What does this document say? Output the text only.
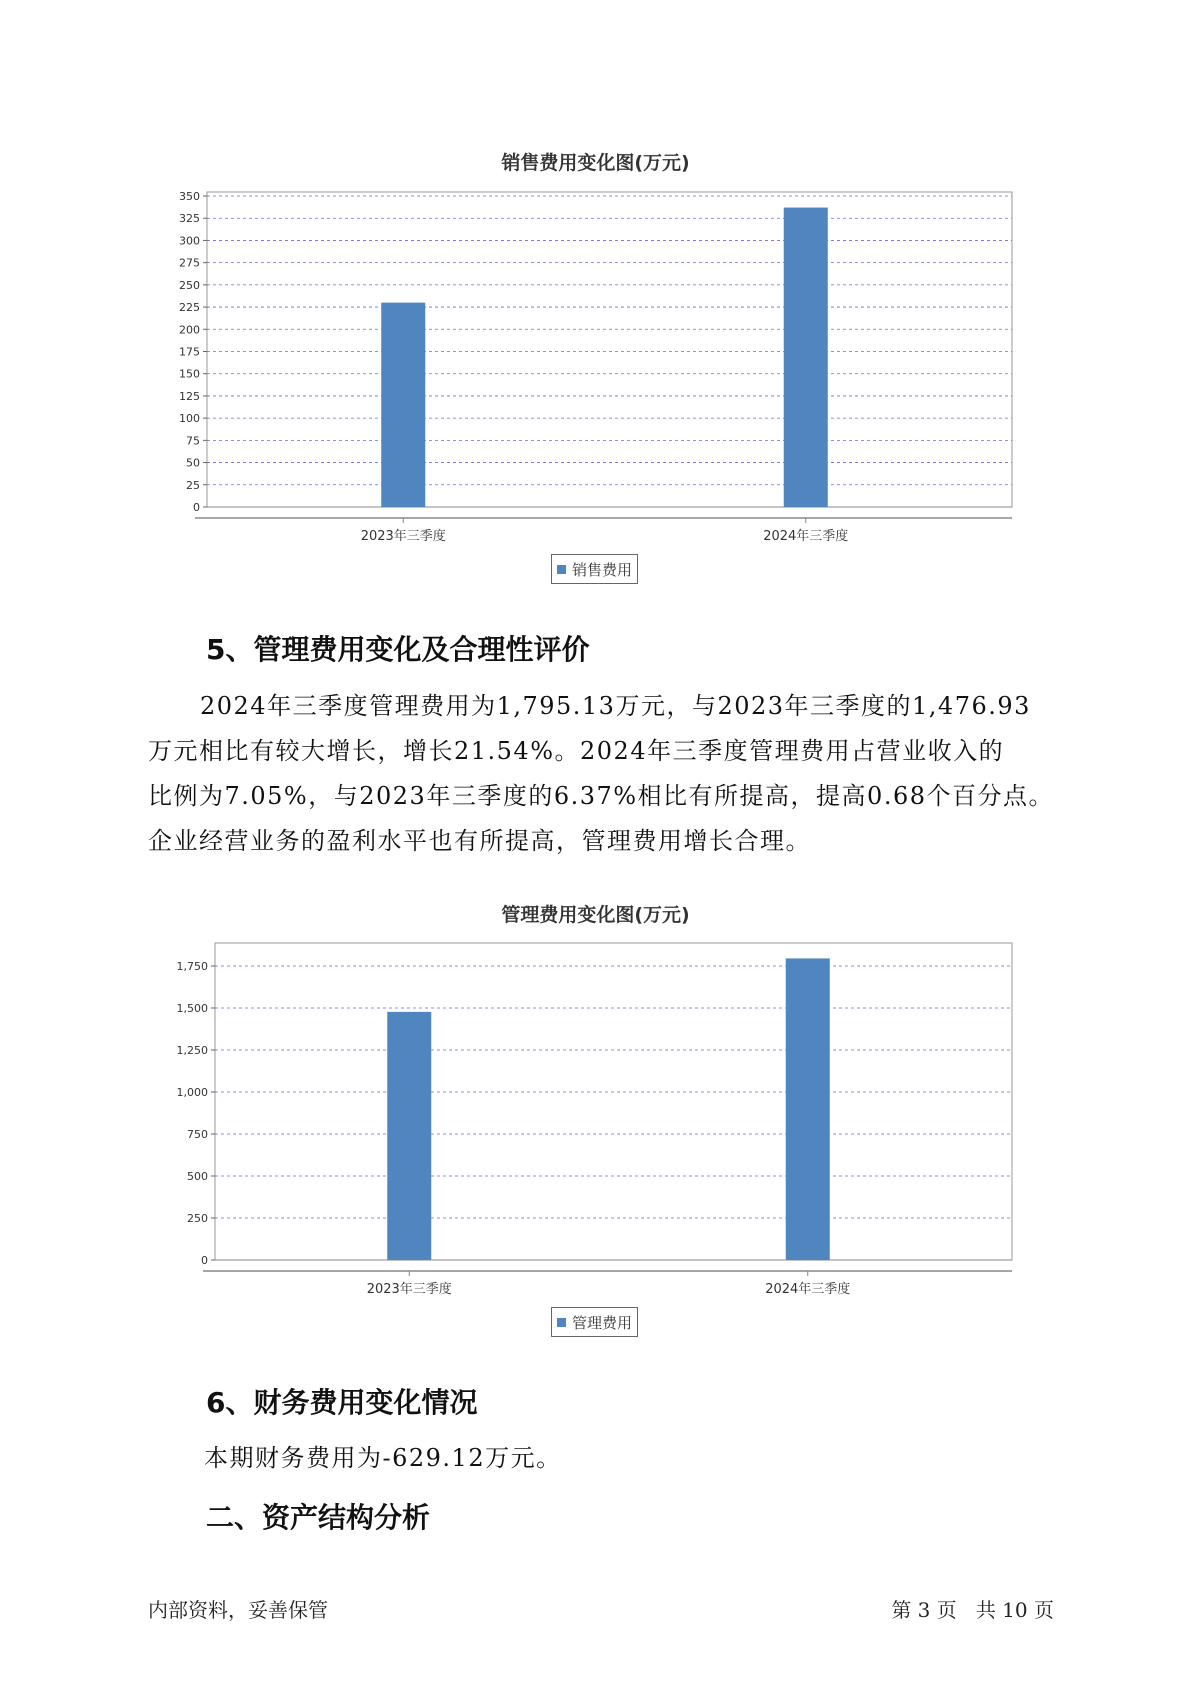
销售费用变化图(万元)
0
25
50
75
100
125
150
175
200
225
250
275
300
325
350
2023年三季度	2024年三季度
销售费用
5、管理费用变化及合理性评价
2024年三季度管理费用为1,795.13万元，与2023年三季度的1,476.93
万元相比有较大增长，增长21.54%。2024年三季度管理费用占营业收入的
比例为7.05%，与2023年三季度的6.37%相比有所提高，提高0.68个百分点。
企业经营业务的盈利水平也有所提高，管理费用增长合理。
管理费用变化图(万元)
0
250
500
750
1,000
1,250
1,500
1,750
2023年三季度	2024年三季度
管理费用
6、财务费用变化情况
本期财务费用为-629.12万元。
二、资产结构分析
内部资料，妥善保管	第 3 页   共 10 页
